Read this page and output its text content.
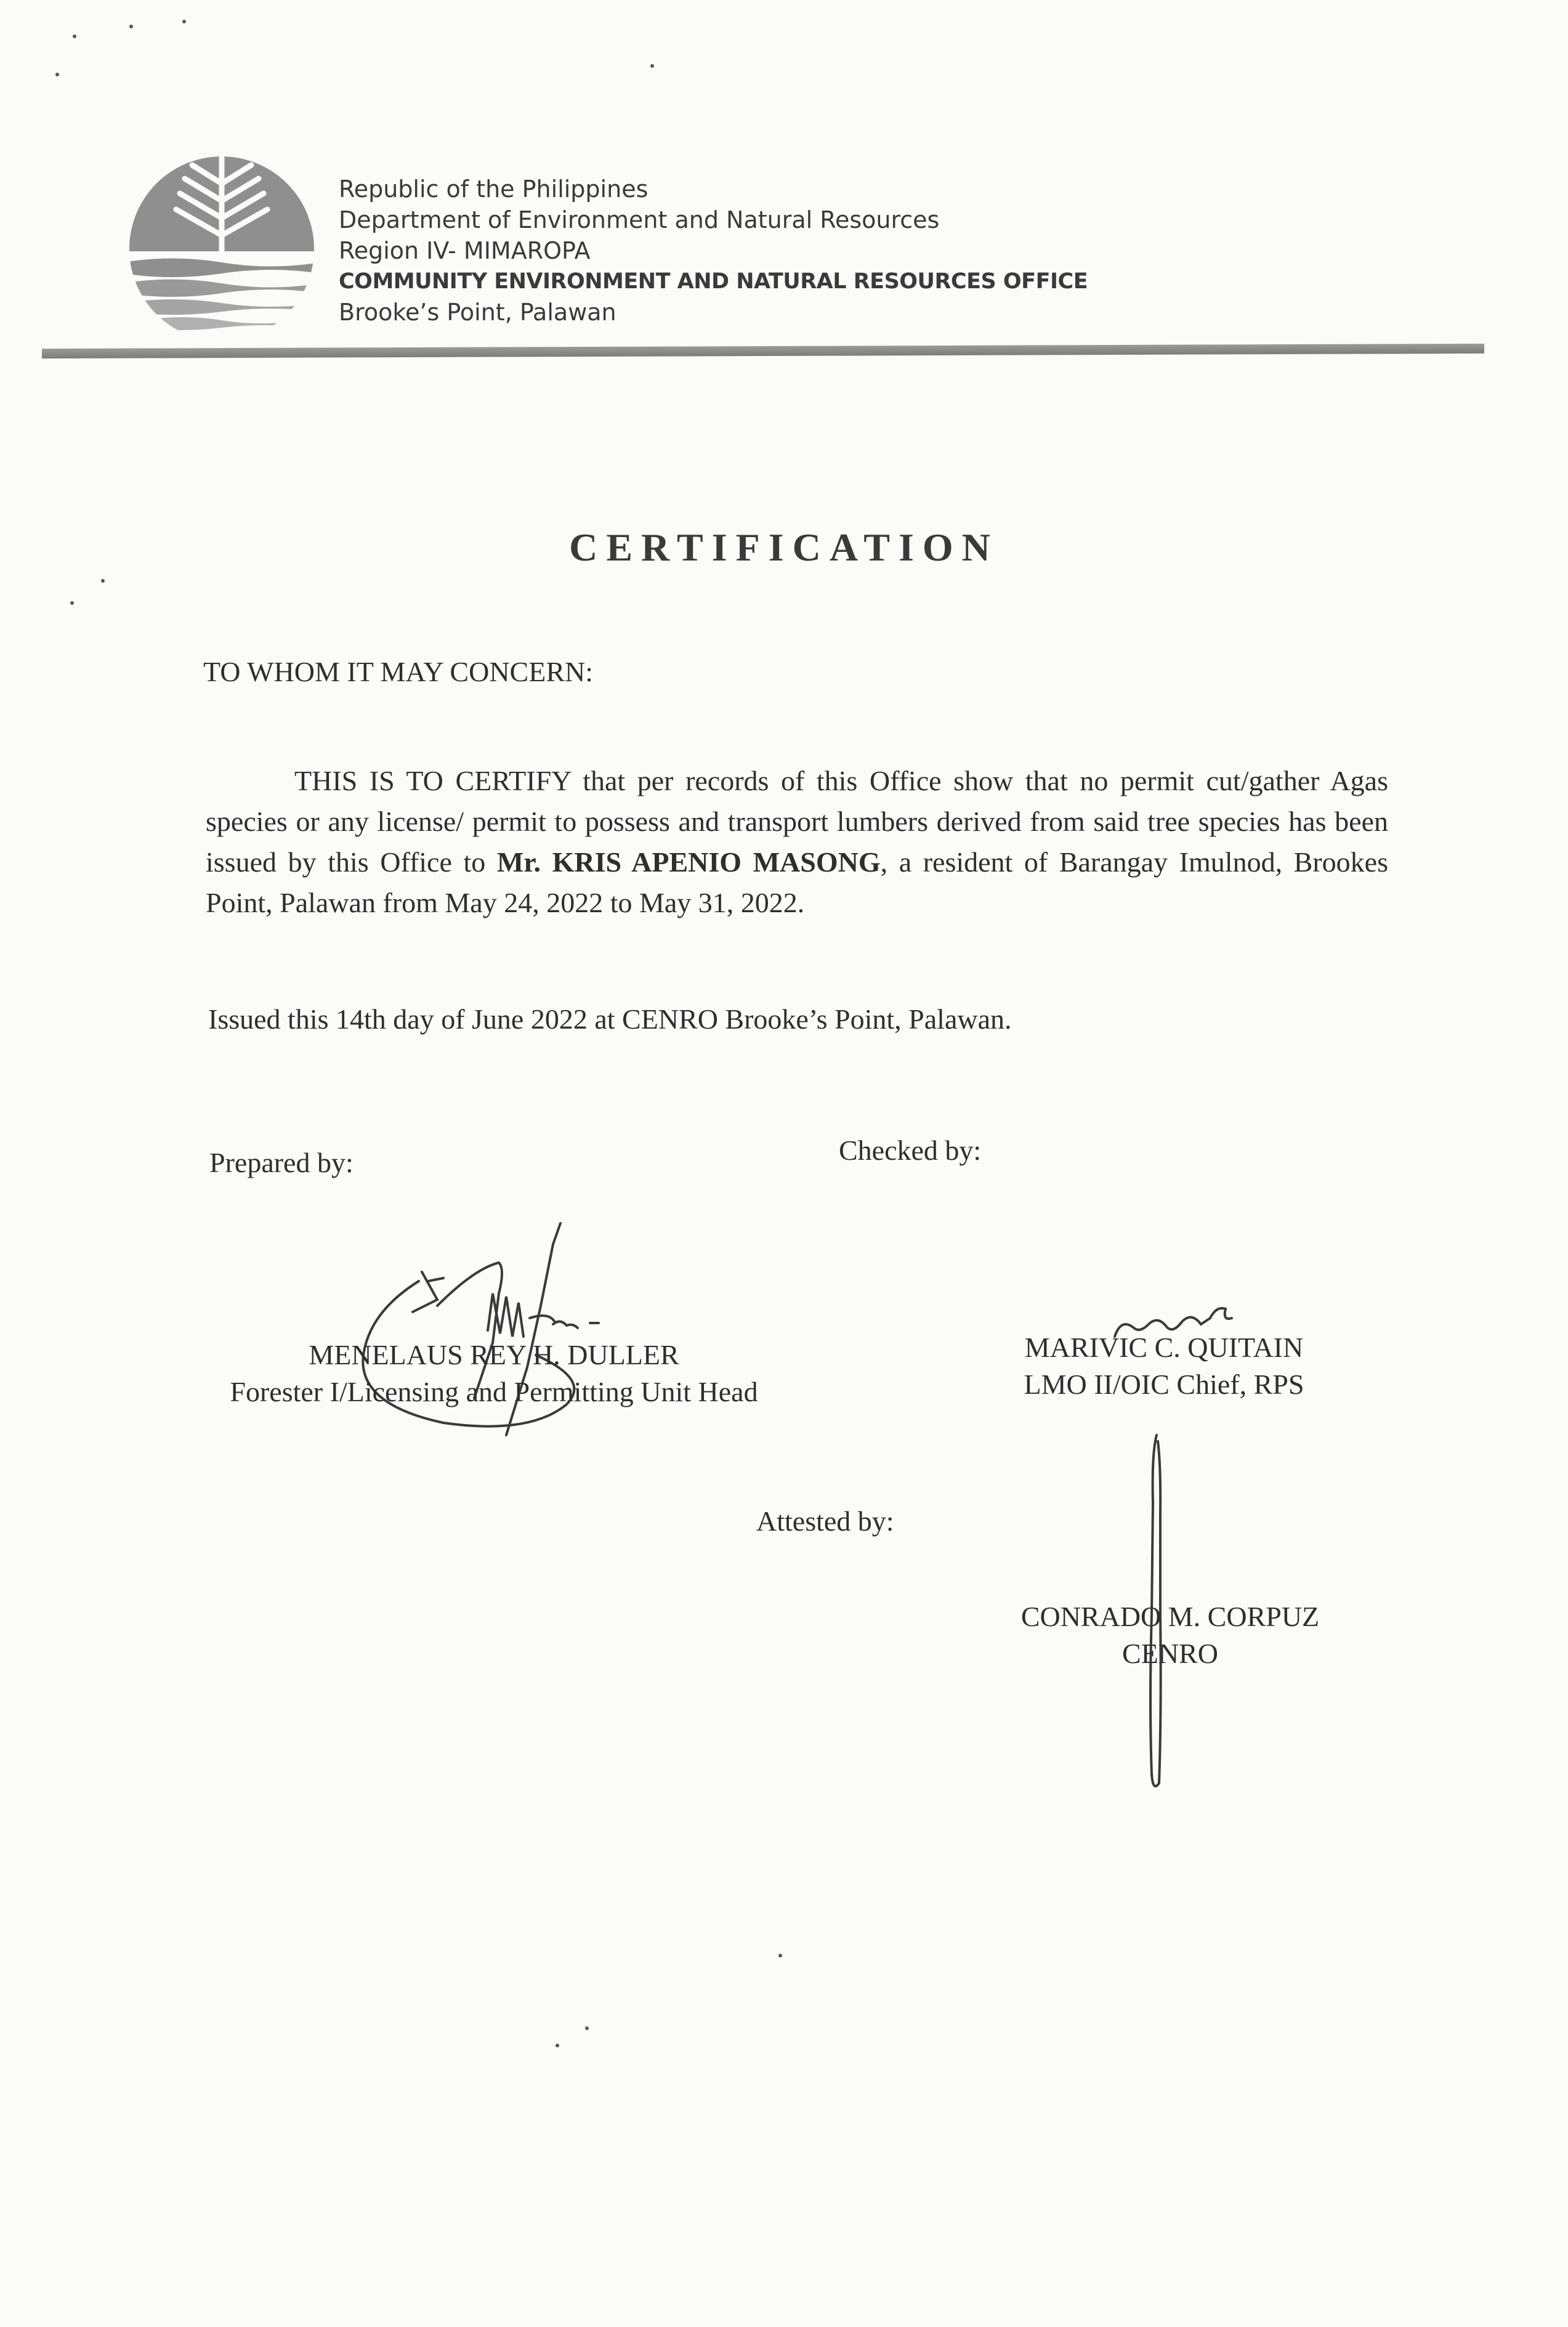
Republic of the Philippines
Department of Environment and Natural Resources
Region IV- MIMAROPA
COMMUNITY ENVIRONMENT AND NATURAL RESOURCES OFFICE
Brooke’s Point, Palawan
CERTIFICATION
TO WHOM IT MAY CONCERN:
THIS IS TO CERTIFY that per records of this Office show that no permit cut/gather Agas species or any license/ permit to possess and transport lumbers derived from said tree species has been issued by this Office to Mr. KRIS APENIO MASONG, a resident of Barangay Imulnod, Brookes Point, Palawan from May 24, 2022 to May 31, 2022.
Issued this 14th day of June 2022 at CENRO Brooke’s Point, Palawan.
Prepared by:	Checked by:
MENELAUS REY H. DULLER
Forester I/Licensing and Permitting Unit Head
MARIVIC C. QUITAIN
LMO II/OIC Chief, RPS
Attested by:
CONRADO M. CORPUZ
CENRO
